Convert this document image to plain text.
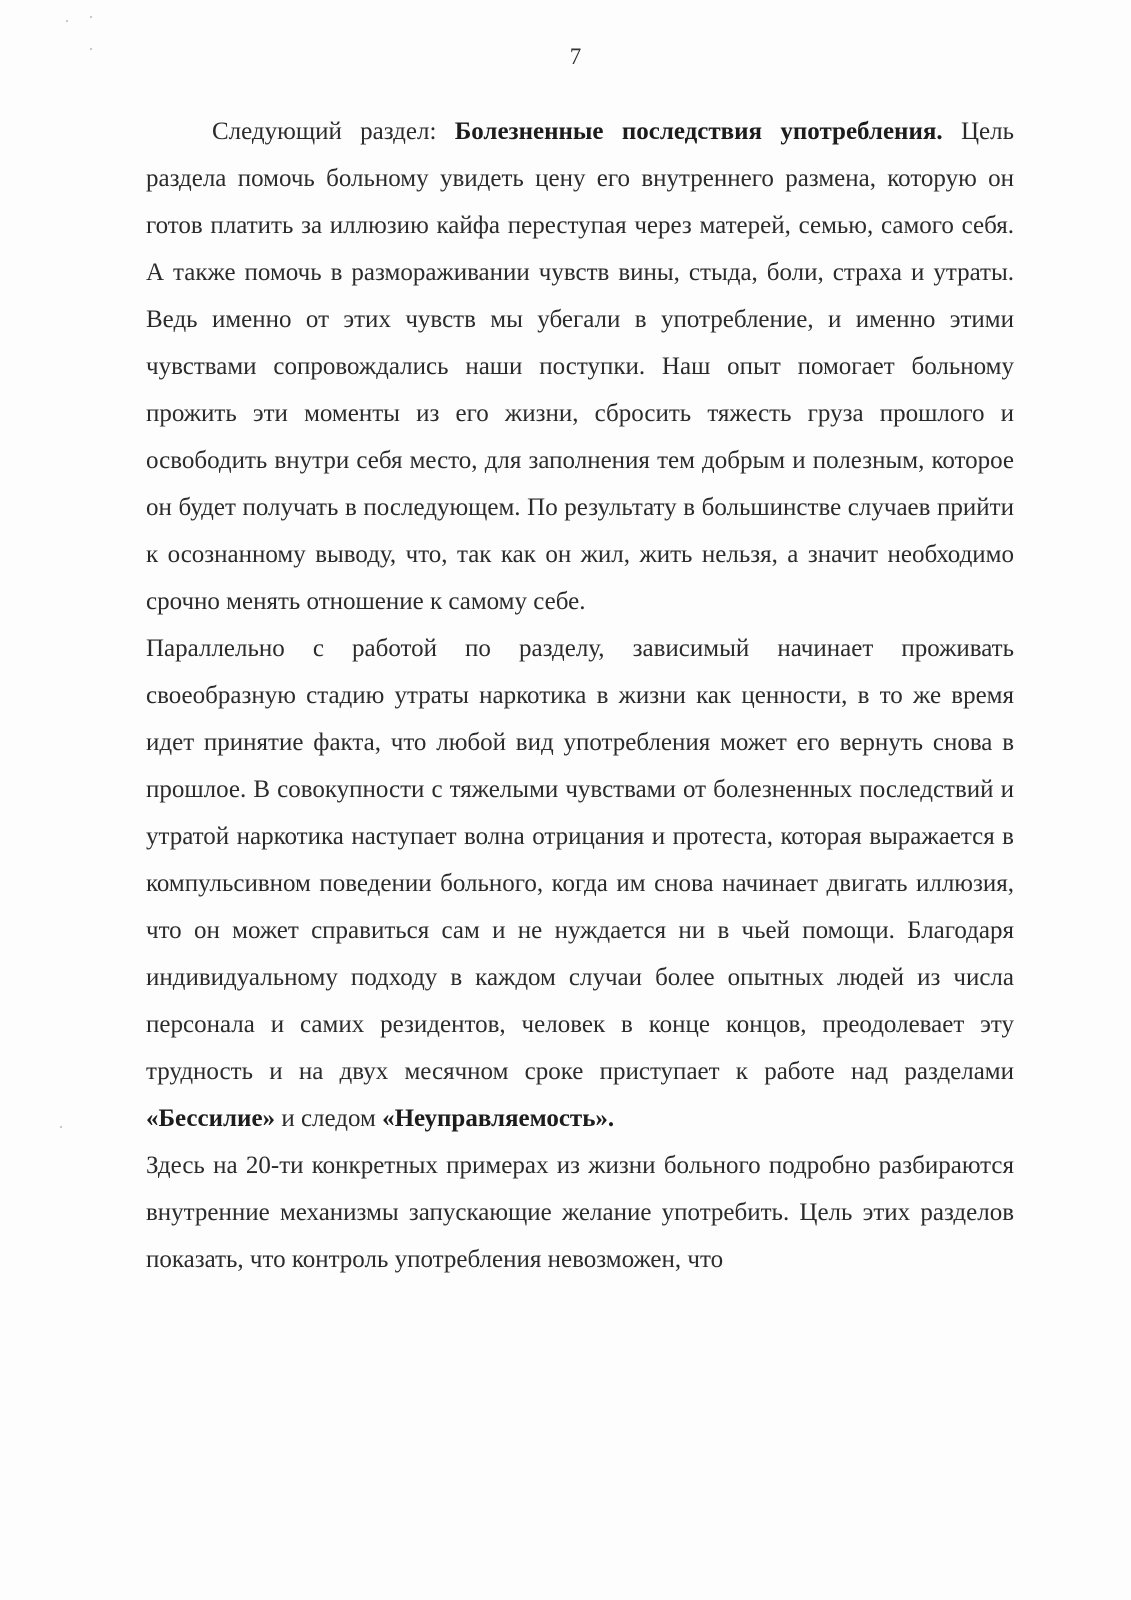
7

Следующий раздел: Болезненные последствия употребления. Цель раздела помочь больному увидеть цену его внутреннего размена, которую он готов платить за иллюзию кайфа переступая через матерей, семью, самого себя. А также помочь в размораживании чувств вины, стыда, боли, страха и утраты. Ведь именно от этих чувств мы убегали в употребление, и именно этими чувствами сопровождались наши поступки. Наш опыт помогает больному прожить эти моменты из его жизни, сбросить тяжесть груза прошлого и освободить внутри себя место, для заполнения тем добрым и полезным, которое он будет получать в последующем. По результату в большинстве случаев прийти к осознанному выводу, что, так как он жил, жить нельзя, а значит необходимо срочно менять отношение к самому себе.

Параллельно с работой по разделу, зависимый начинает проживать своеобразную стадию утраты наркотика в жизни как ценности, в то же время идет принятие факта, что любой вид употребления может его вернуть снова в прошлое. В совокупности с тяжелыми чувствами от болезненных последствий и утратой наркотика наступает волна отрицания и протеста, которая выражается в компульсивном поведении больного, когда им снова начинает двигать иллюзия, что он может справиться сам и не нуждается ни в чьей помощи. Благодаря индивидуальному подходу в каждом случаи более опытных людей из числа персонала и самих резидентов, человек в конце концов, преодолевает эту трудность и на двух месячном сроке приступает к работе над разделами «Бессилие» и следом «Неуправляемость».

Здесь на 20-ти конкретных примерах из жизни больного подробно разбираются внутренние механизмы запускающие желание употребить. Цель этих разделов показать, что контроль употребления невозможен, что
